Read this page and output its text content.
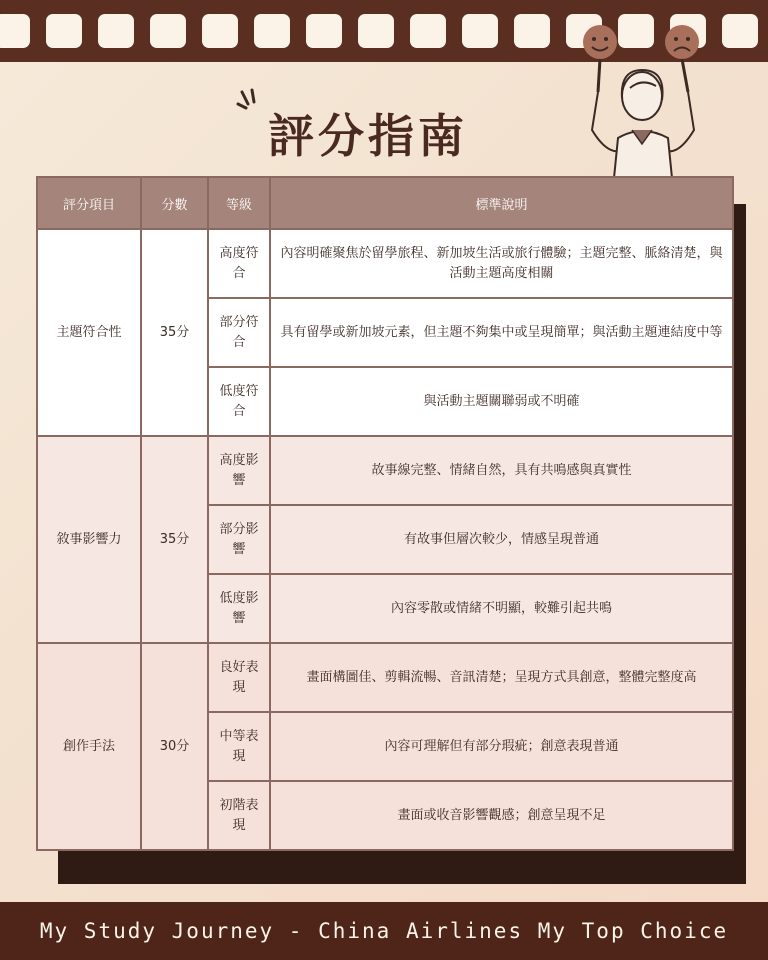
評分指南
評分項目	分數	等級	標準說明
主題符合性	35分	高度符合	內容明確聚焦於留學旅程、新加坡生活或旅行體驗；主題完整、脈絡清楚，與活動主題高度相關
		部分符合	具有留學或新加坡元素，但主題不夠集中或呈現簡單；與活動主題連結度中等
		低度符合	與活動主題關聯弱或不明確
敘事影響力	35分	高度影響	故事線完整、情緒自然，具有共鳴感與真實性
		部分影響	有故事但層次較少，情感呈現普通
		低度影響	內容零散或情緒不明顯，較難引起共鳴
創作手法	30分	良好表現	畫面構圖佳、剪輯流暢、音訊清楚；呈現方式具創意，整體完整度高
		中等表現	內容可理解但有部分瑕疵；創意表現普通
		初階表現	畫面或收音影響觀感；創意呈現不足
My Study Journey - China Airlines My Top Choice
